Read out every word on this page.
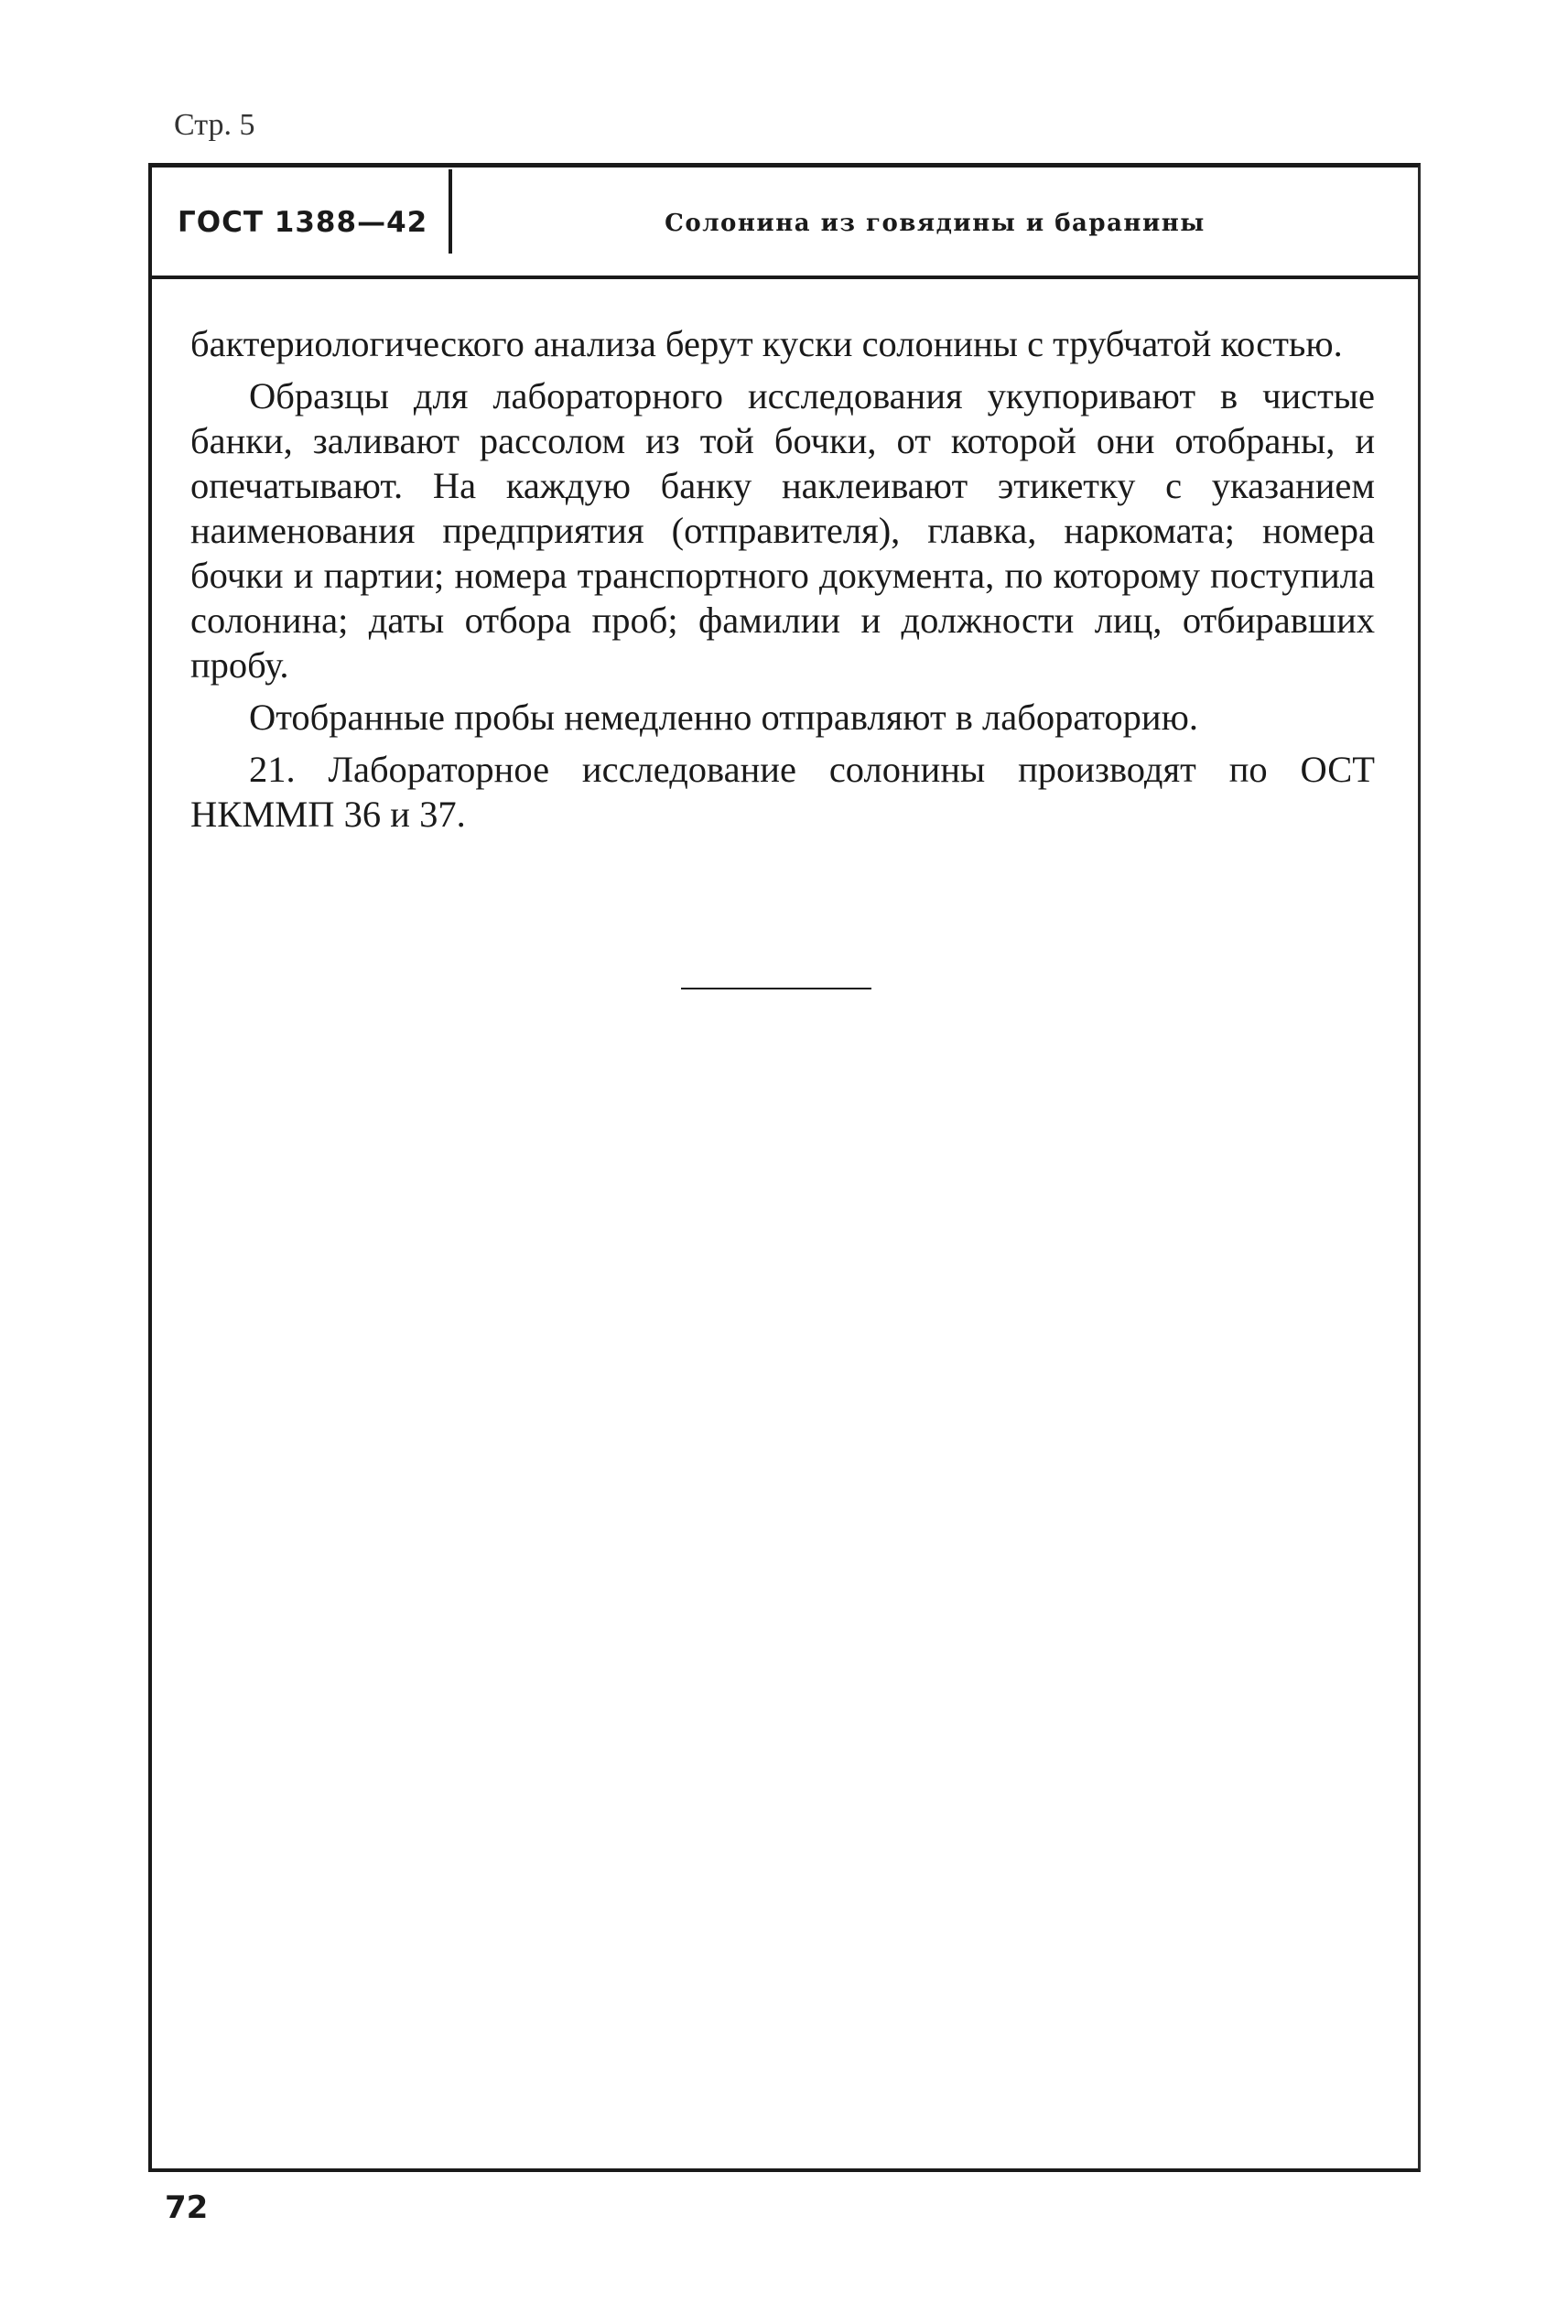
Стр. 5
ГОСТ 1388—42	Солонина из говядины и баранины

бактериологического анализа берут куски солонины с трубчатой костью.

Образцы для лабораторного исследования укупоривают в чистые банки, заливают рассолом из той бочки, от которой они отобраны, и опечатывают. На каждую банку наклеивают этикетку с указанием наименования предприятия (отправителя), главка, наркомата; номера бочки и партии; номера транспортного документа, по которому поступила солонина; даты отбора проб; фамилии и должности лиц, отбиравших пробу.

Отобранные пробы немедленно отправляют в лабораторию.

21. Лабораторное исследование солонины производят по ОСТ НКММП 36 и 37.

72
